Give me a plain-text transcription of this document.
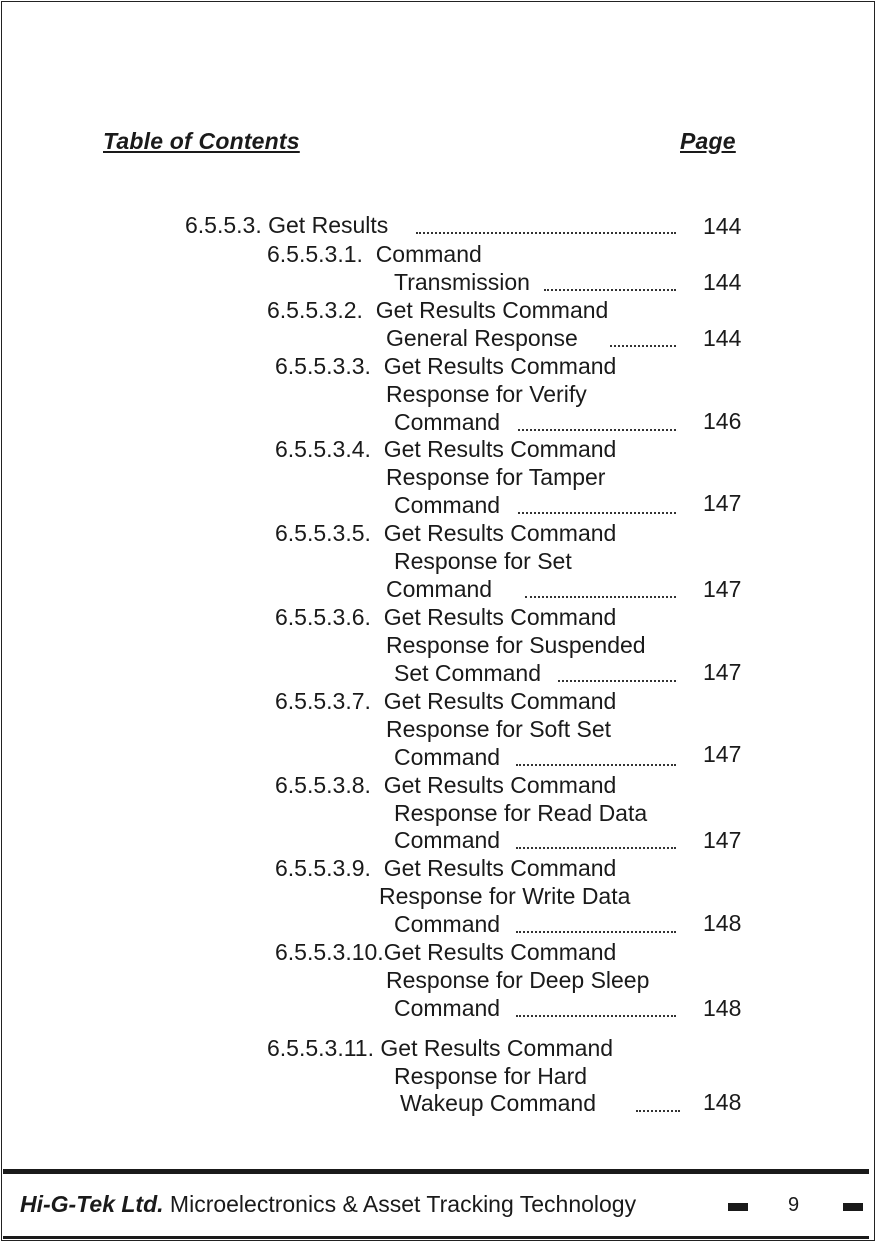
Table of Contents	Page
6.5.5.3. Get Results	144
6.5.5.3.1.  Command
Transmission	144
6.5.5.3.2.  Get Results Command
General Response	144
6.5.5.3.3.  Get Results Command
Response for Verify
Command	146
6.5.5.3.4.  Get Results Command
Response for Tamper
Command	147
6.5.5.3.5.  Get Results Command
Response for Set
Command	147
6.5.5.3.6.  Get Results Command
Response for Suspended
Set Command	147
6.5.5.3.7.  Get Results Command
Response for Soft Set
Command	147
6.5.5.3.8.  Get Results Command
Response for Read Data
Command	147
6.5.5.3.9.  Get Results Command
Response for Write Data
Command	148
6.5.5.3.10.Get Results Command
Response for Deep Sleep
Command	148
6.5.5.3.11. Get Results Command
Response for Hard
Wakeup Command	148
Hi-G-Tek Ltd. Microelectronics & Asset Tracking Technology	9
